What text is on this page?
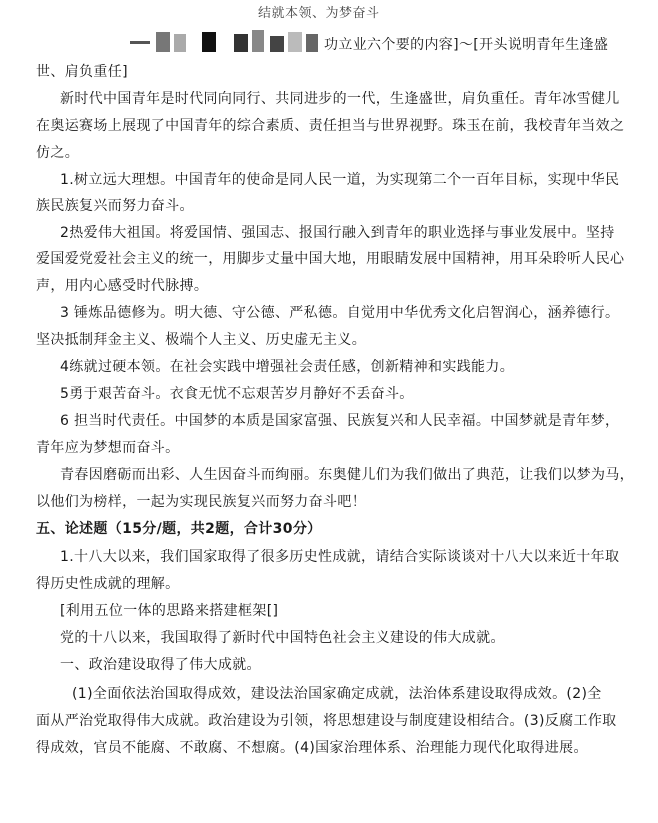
结就本领、为梦奋斗
功立业六个要的内容]～[开头说明青年生逢盛
世、肩负重任]
新时代中国青年是时代同向同行、共同进步的一代，生逢盛世，肩负重任。青年冰雪健儿
在奥运赛场上展现了中国青年的综合素质、责任担当与世界视野。珠玉在前，我校青年当效之
仿之。
1.树立远大理想。中国青年的使命是同人民一道，为实现第二个一百年目标，实现中华民
族民族复兴而努力奋斗。
2热爱伟大祖国。将爱国情、强国志、报国行融入到青年的职业选择与事业发展中。坚持
爱国爱党爱社会主义的统一，用脚步丈量中国大地，用眼睛发展中国精神，用耳朵聆听人民心
声，用内心感受时代脉搏。
3 锤炼品德修为。明大德、守公德、严私德。自觉用中华优秀文化启智润心，涵养德行。
坚决抵制拜金主义、极端个人主义、历史虚无主义。
4练就过硬本领。在社会实践中增强社会责任感，创新精神和实践能力。
5勇于艰苦奋斗。衣食无忧不忘艰苦岁月静好不丢奋斗。
6 担当时代责任。中国梦的本质是国家富强、民族复兴和人民幸福。中国梦就是青年梦，
青年应为梦想而奋斗。
青春因磨砺而出彩、人生因奋斗而绚丽。东奥健儿们为我们做出了典范，让我们以梦为马，
以他们为榜样，一起为实现民族复兴而努力奋斗吧！
五、论述题（15分/题，共2题，合计30分）
1.十八大以来，我们国家取得了很多历史性成就，请结合实际谈谈对十八大以来近十年取
得历史性成就的理解。
[利用五位一体的思路来搭建框架[]
党的十八以来，我国取得了新时代中国特色社会主义建设的伟大成就。
一、政治建设取得了伟大成就。
(1)全面依法治国取得成效，建设法治国家确定成就，法治体系建设取得成效。(2)全
面从严治党取得伟大成就。政治建设为引领，将思想建设与制度建设相结合。(3)反腐工作取
得成效，官员不能腐、不敢腐、不想腐。(4)国家治理体系、治理能力现代化取得进展。
